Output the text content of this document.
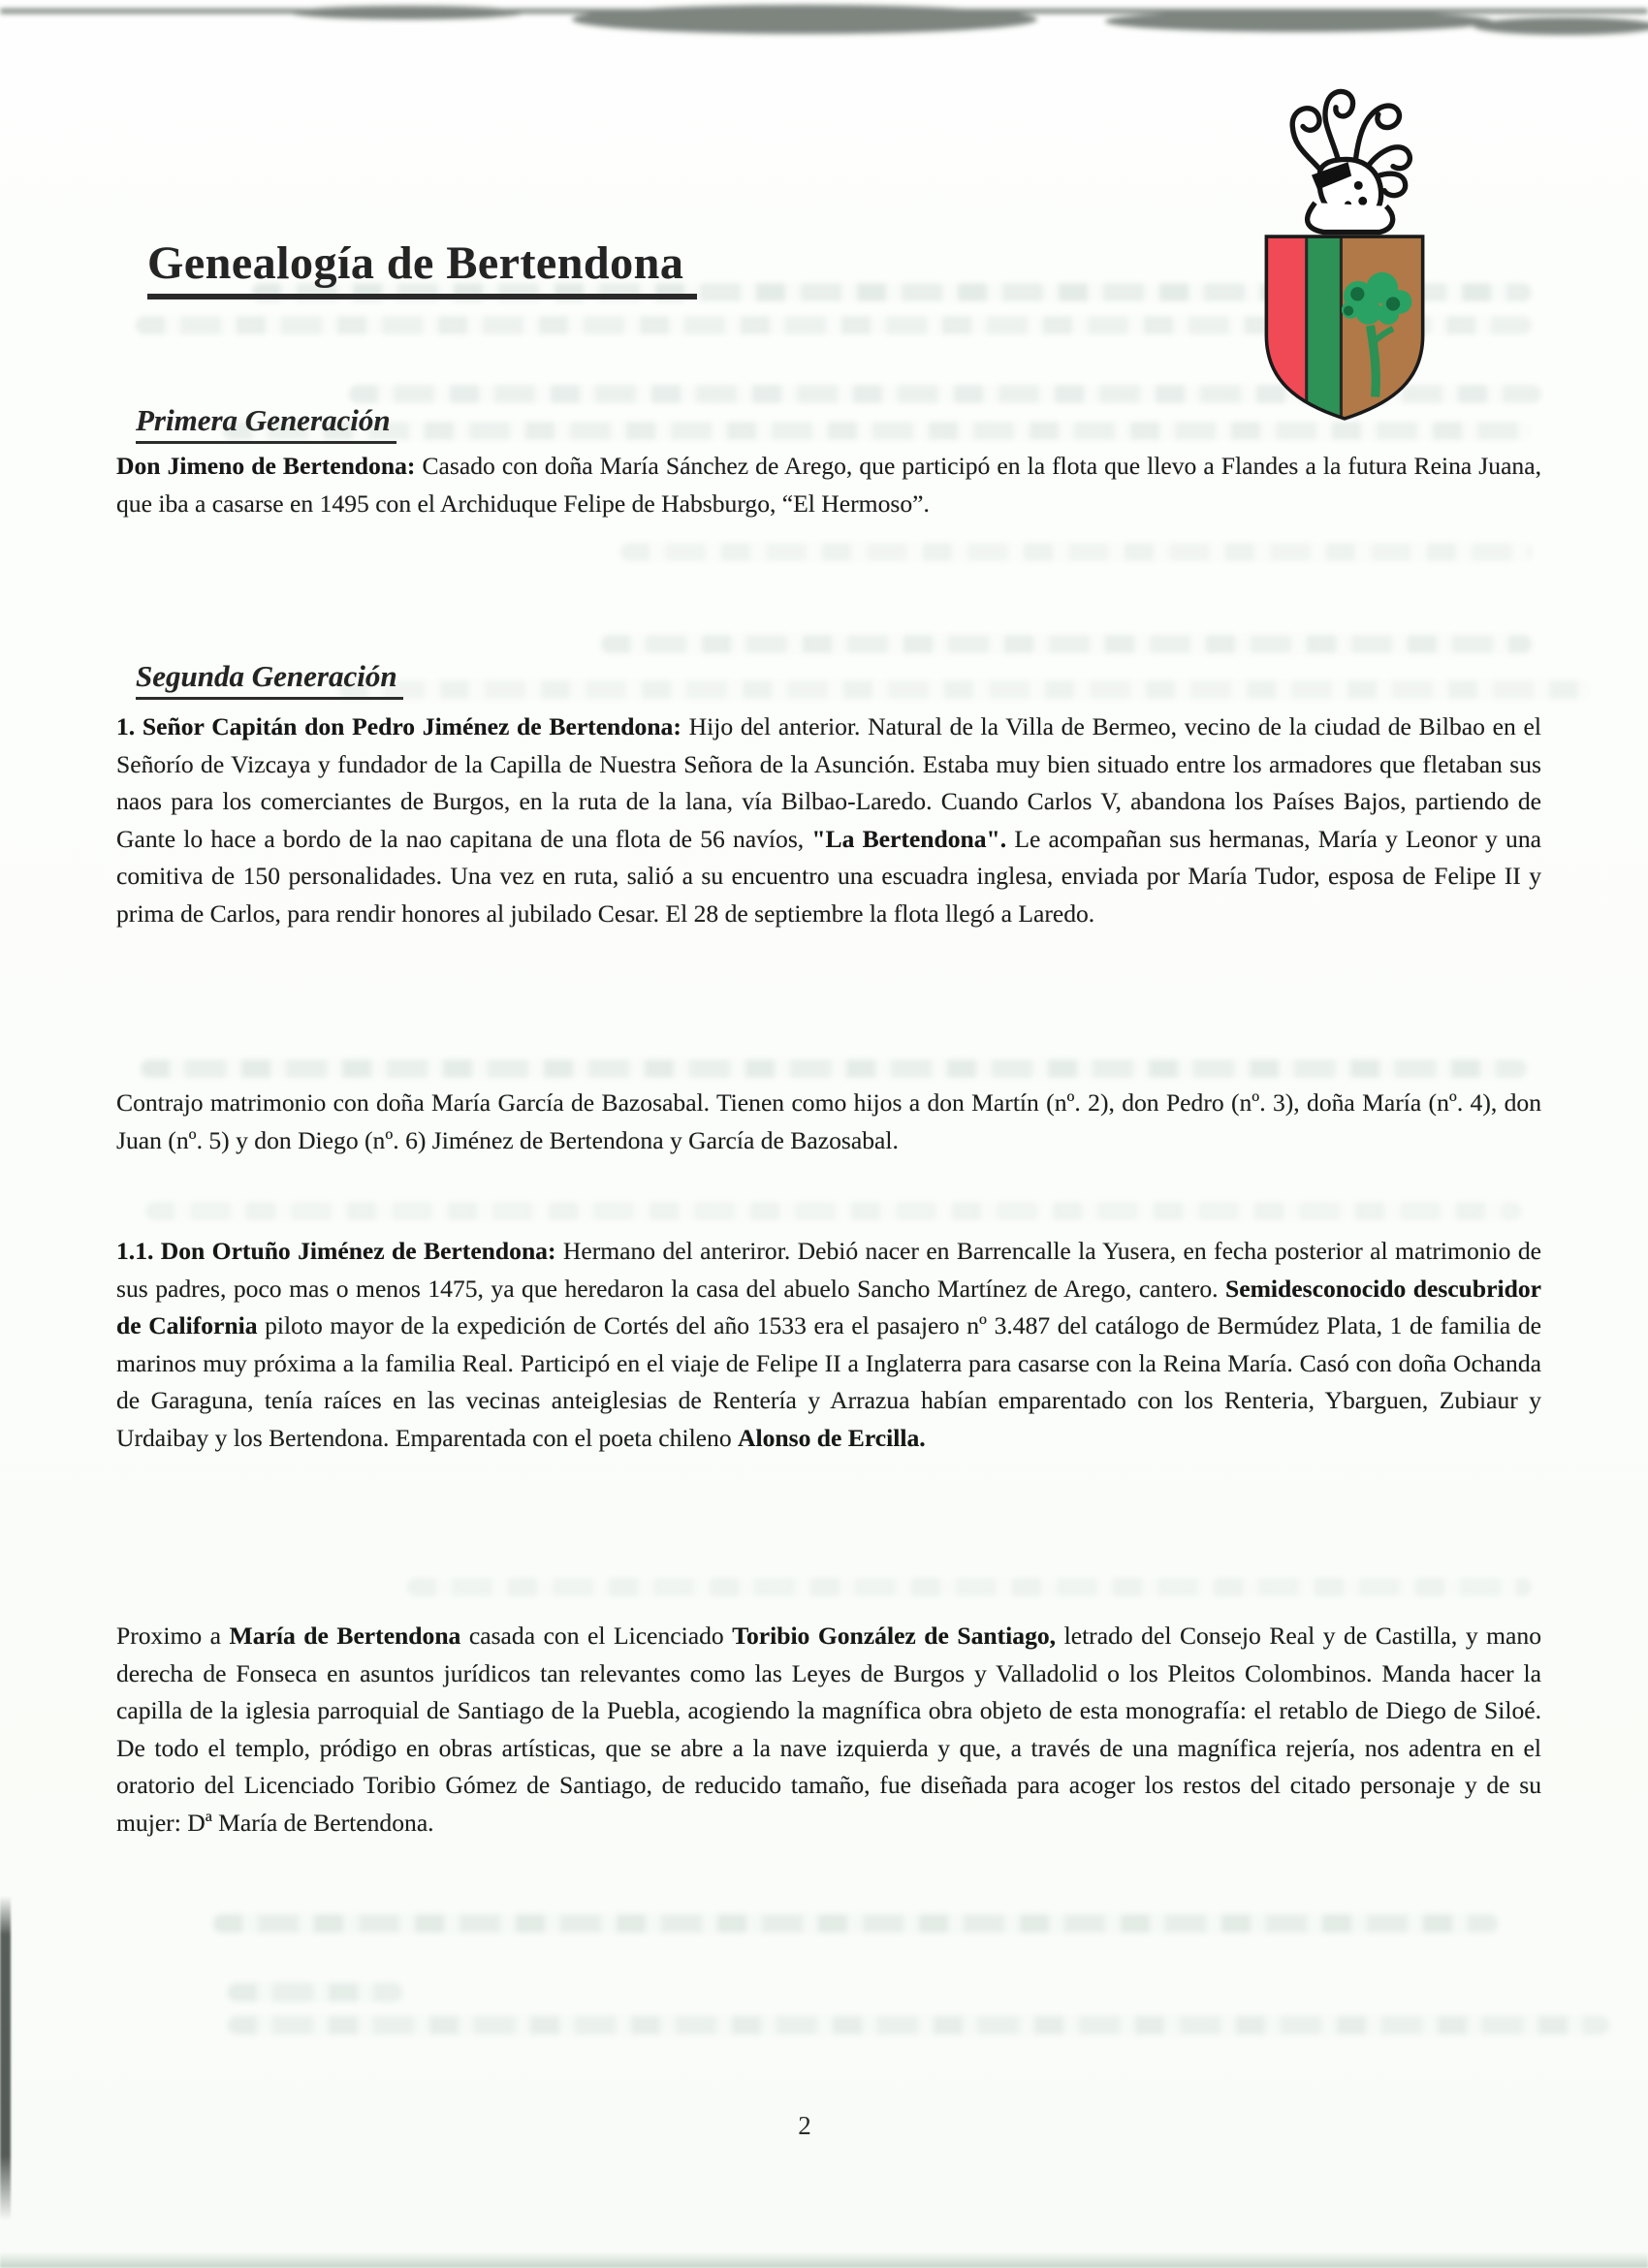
Genealogía de Bertendona
Primera Generación

Don Jimeno de Bertendona: Casado con doña María Sánchez de Arego, que participó en la flota que llevo a Flandes a la futura Reina Juana, que iba a casarse en 1495 con el Archiduque Felipe de Habsburgo, “El Hermoso”.

Segunda Generación

1. Señor Capitán don Pedro Jiménez de Bertendona: Hijo del anterior. Natural de la Villa de Bermeo, vecino de la ciudad de Bilbao en el Señorío de Vizcaya y fundador de la Capilla de Nuestra Señora de la Asunción. Estaba muy bien situado entre los armadores que fletaban sus naos para los comerciantes de Burgos, en la ruta de la lana, vía Bilbao-Laredo. Cuando Carlos V, abandona los Países Bajos, partiendo de Gante lo hace a bordo de la nao capitana de una flota de 56 navíos, "La Bertendona". Le acompañan sus hermanas, María y Leonor y una comitiva de 150 personalidades. Una vez en ruta, salió a su encuentro una escuadra inglesa, enviada por María Tudor, esposa de Felipe II y prima de Carlos, para rendir honores al jubilado Cesar. El 28 de septiembre la flota llegó a Laredo.

Contrajo matrimonio con doña María García de Bazosabal. Tienen como hijos a don Martín (nº. 2), don Pedro (nº. 3), doña María (nº. 4), don Juan (nº. 5) y don Diego (nº. 6) Jiménez de Bertendona y García de Bazosabal.

1.1. Don Ortuño Jiménez de Bertendona: Hermano del anteriror. Debió nacer en Barrencalle la Yusera, en fecha posterior al matrimonio de sus padres, poco mas o menos 1475, ya que heredaron la casa del abuelo Sancho Martínez de Arego, cantero. Semidesconocido descubridor de California piloto mayor de la expedición de Cortés del año 1533 era el pasajero nº 3.487 del catálogo de Bermúdez Plata, 1 de familia de marinos muy próxima a la familia Real. Participó en el viaje de Felipe II a Inglaterra para casarse con la Reina María. Casó con doña Ochanda de Garaguna, tenía raíces en las vecinas anteiglesias de Rentería y Arrazua habían emparentado con los Renteria, Ybarguen, Zubiaur y Urdaibay y los Bertendona. Emparentada con el poeta chileno Alonso de Ercilla.

Proximo a María de Bertendona casada con el Licenciado Toribio González de Santiago, letrado del Consejo Real y de Castilla, y mano derecha de Fonseca en asuntos jurídicos tan relevantes como las Leyes de Burgos y Valladolid o los Pleitos Colombinos. Manda hacer la capilla de la iglesia parroquial de Santiago de la Puebla, acogiendo la magnífica obra objeto de esta monografía: el retablo de Diego de Siloé. De todo el templo, pródigo en obras artísticas, que se abre a la nave izquierda y que, a través de una magnífica rejería, nos adentra en el oratorio del Licenciado Toribio Gómez de Santiago, de reducido tamaño, fue diseñada para acoger los restos del citado personaje y de su mujer: Dª María de Bertendona.

2
